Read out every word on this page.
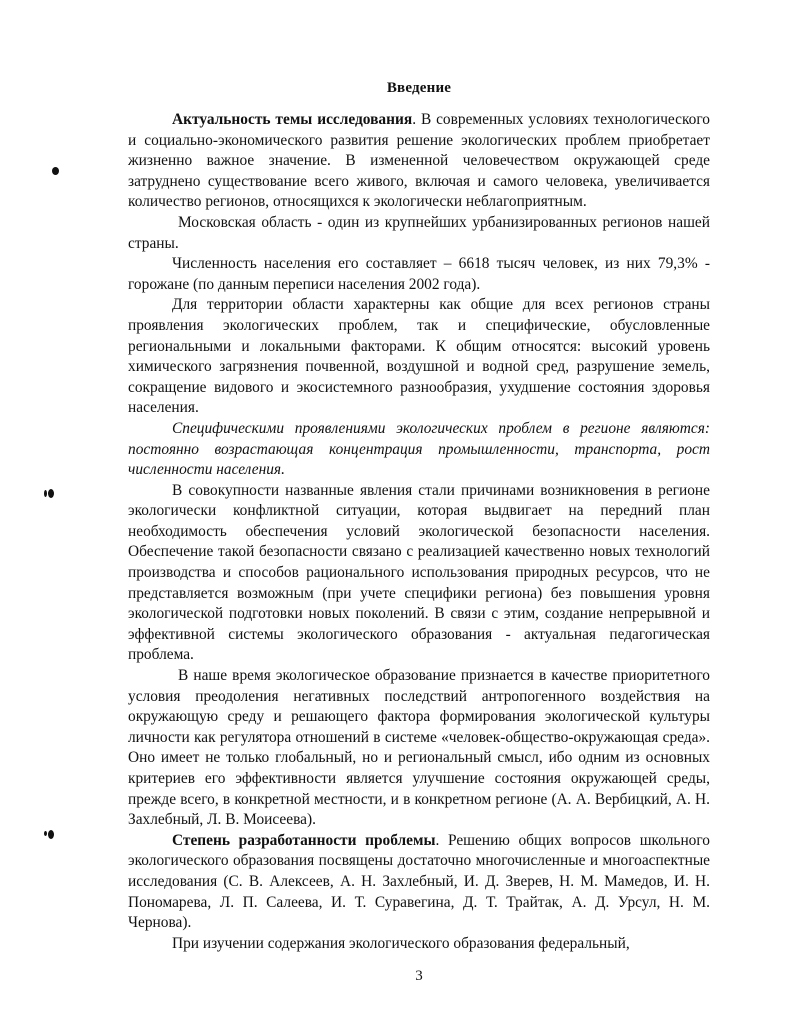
Введение

Актуальность темы исследования. В современных условиях технологического и социально-экономического развития решение экологических проблем приобретает жизненно важное значение. В измененной человечеством окружающей среде затруднено существование всего живого, включая и самого человека, увеличивается количество регионов, относящихся к экологически неблагоприятным.

Московская область - один из крупнейших урбанизированных регионов нашей страны.

Численность населения его составляет – 6618 тысяч человек, из них 79,3% - горожане (по данным переписи населения 2002 года).

Для территории области характерны как общие для всех регионов страны проявления экологических проблем, так и специфические, обусловленные региональными и локальными факторами. К общим относятся: высокий уровень химического загрязнения почвенной, воздушной и водной сред, разрушение земель, сокращение видового и экосистемного разнообразия, ухудшение состояния здоровья населения.

Специфическими проявлениями экологических проблем в регионе являются: постоянно возрастающая концентрация промышленности, транспорта, рост численности населения.

В совокупности названные явления стали причинами возникновения в регионе экологически конфликтной ситуации, которая выдвигает на передний план необходимость обеспечения условий экологической безопасности населения. Обеспечение такой безопасности связано с реализацией качественно новых технологий производства и способов рационального использования природных ресурсов, что не представляется возможным (при учете специфики региона) без повышения уровня экологической подготовки новых поколений. В связи с этим, создание непрерывной и эффективной системы экологического образования - актуальная педагогическая проблема.

В наше время экологическое образование признается в качестве приоритетного условия преодоления негативных последствий антропогенного воздействия на окружающую среду и решающего фактора формирования экологической культуры личности как регулятора отношений в системе «человек-общество-окружающая среда». Оно имеет не только глобальный, но и региональный смысл, ибо одним из основных критериев его эффективности является улучшение состояния окружающей среды, прежде всего, в конкретной местности, и в конкретном регионе (А. А. Вербицкий, А. Н. Захлебный, Л. В. Моисеева).

Степень разработанности проблемы. Решению общих вопросов школьного экологического образования посвящены достаточно многочисленные и многоаспектные исследования (С. В. Алексеев, А. Н. Захлебный, И. Д. Зверев, Н. М. Мамедов, И. Н. Пономарева, Л. П. Салеева, И. Т. Суравегина, Д. Т. Трайтак, А. Д. Урсул, Н. М. Чернова).

При изучении содержания экологического образования федеральный,

3
